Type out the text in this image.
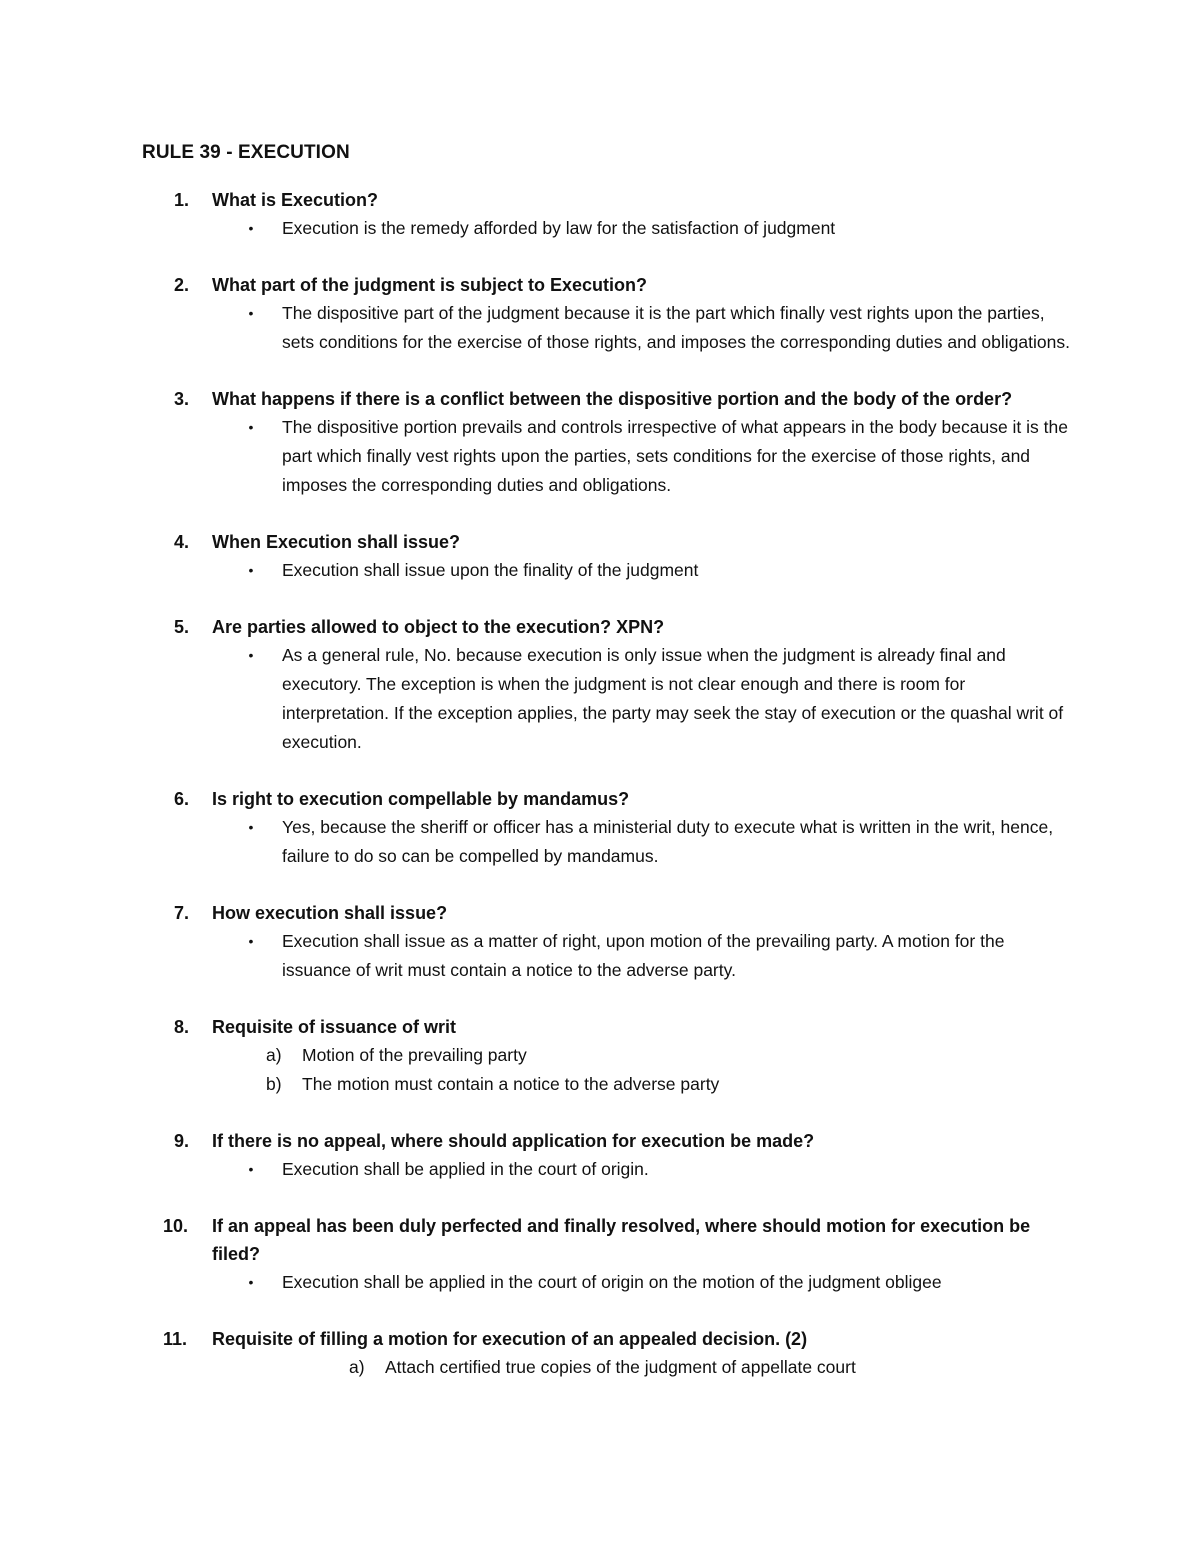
RULE 39 - EXECUTION
1. What is Execution?

• Execution is the remedy afforded by law for the satisfaction of judgment
2. What part of the judgment is subject to Execution?

• The dispositive part of the judgment because it is the part which finally vest rights upon the parties, sets conditions for the exercise of those rights, and imposes the corresponding duties and obligations.
3. What happens if there is a conflict between the dispositive portion and the body of the order?

• The dispositive portion prevails and controls irrespective of what appears in the body because it is the part which finally vest rights upon the parties, sets conditions for the exercise of those rights, and imposes the corresponding duties and obligations.
4. When Execution shall issue?

• Execution shall issue upon the finality of the judgment
5. Are parties allowed to object to the execution? XPN?

• As a general rule, No. because execution is only issue when the judgment is already final and executory. The exception is when the judgment is not clear enough and there is room for interpretation. If the exception applies, the party may seek the stay of execution or the quashal writ of execution.
6. Is right to execution compellable by mandamus?

• Yes, because the sheriff or officer has a ministerial duty to execute what is written in the writ, hence, failure to do so can be compelled by mandamus.
7. How execution shall issue?

• Execution shall issue as a matter of right, upon motion of the prevailing party. A motion for the issuance of writ must contain a notice to the adverse party.
8. Requisite of issuance of writ

a) Motion of the prevailing party
b) The motion must contain a notice to the adverse party
9. If there is no appeal, where should application for execution be made?

• Execution shall be applied in the court of origin.
10. If an appeal has been duly perfected and finally resolved, where should motion for execution be filed?

• Execution shall be applied in the court of origin on the motion of the judgment obligee
11. Requisite of filling a motion for execution of an appealed decision. (2)

a) Attach certified true copies of the judgment of appellate court
